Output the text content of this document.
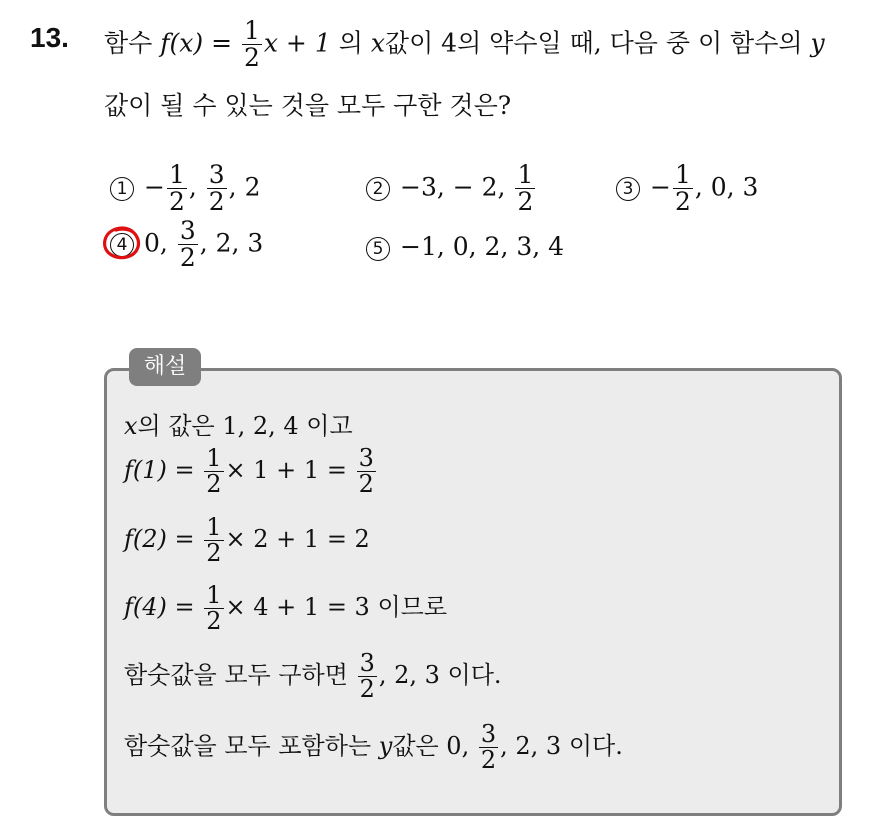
13. 함수 $f(x) = \frac{1}{2}$ x + 1 의 x값이 4의 약수일 때, 다음 중 이 함수의 y
값이 될 수 있는 것을 모두 구한 것은?
$1 - \frac{1}{2}$ , $\frac{3}{2}$ , 2	2 −3, − 2, $\frac{1}{2}$	$3 - \frac{1}{2}$ , 0, 3
4 0, $\frac{3}{2}$ , 2, 3	5 −1, 0, 2, 3, 4
해설
x의 값은 1, 2, 4 이고
$f(1) = \frac{1}{2} \times 1 + 1 = \frac{3}{2}$
$f(2) = \frac{1}{2} \times 2 + 1 = 2$
$f(4) = \frac{1}{2} \times 4 + 1 = 3$ 이므로
함숫값을 모두 구하면 $\frac{3}{2}$ , 2, 3 이다.
함숫값을 모두 포함하는 y값은 0, $\frac{3}{2}$ , 2, 3 이다.
